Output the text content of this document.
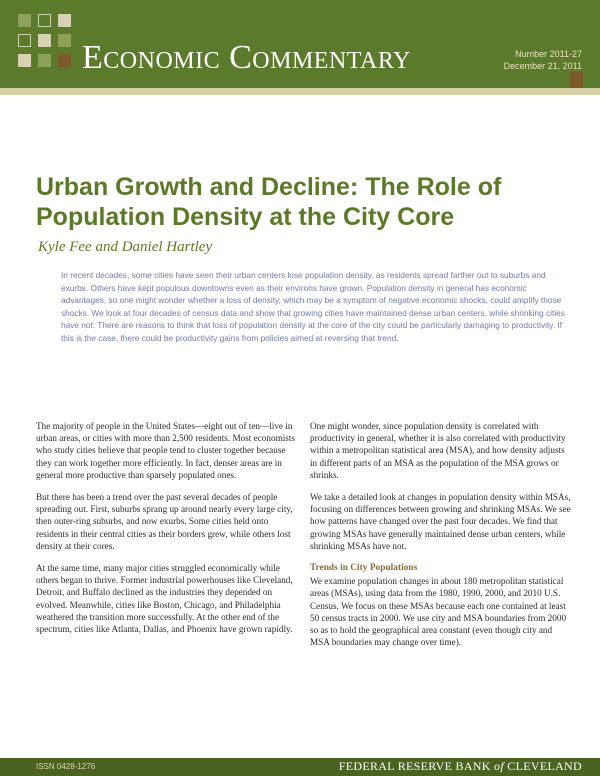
Economic Commentary	Number 2011-27
December 21, 2011
Urban Growth and Decline: The Role of Population Density at the City Core
Kyle Fee and Daniel Hartley

In recent decades, some cities have seen their urban centers lose population density, as residents spread farther out to suburbs and exurbs. Others have kept populous downtowns even as their environs have grown. Population density in general has economic advantages, so one might wonder whether a loss of density, which may be a symptom of negative economic shocks, could amplify those shocks. We look at four decades of census data and show that growing cities have maintained dense urban centers, while shrinking cities have not. There are reasons to think that loss of population density at the core of the city could be particularly damaging to productivity. If this is the case, there could be productivity gains from policies aimed at reversing that trend.

The majority of people in the United States—eight out of ten—live in urban areas, or cities with more than 2,500 residents. Most economists who study cities believe that people tend to cluster together because they can work together more efficiently. In fact, denser areas are in general more productive than sparsely populated ones.

But there has been a trend over the past several decades of people spreading out. First, suburbs sprang up around nearly every large city, then outer-ring suburbs, and now exurbs. Some cities held onto residents in their central cities as their borders grew, while others lost density at their cores.

At the same time, many major cities struggled economically while others began to thrive. Former industrial powerhouses like Cleveland, Detroit, and Buffalo declined as the industries they depended on evolved. Meanwhile, cities like Boston, Chicago, and Philadelphia weathered the transition more successfully. At the other end of the spectrum, cities like Atlanta, Dallas, and Phoenix have grown rapidly.

One might wonder, since population density is correlated with productivity in general, whether it is also correlated with productivity within a metropolitan statistical area (MSA), and how density adjusts in different parts of an MSA as the population of the MSA grows or shrinks.

We take a detailed look at changes in population density within MSAs, focusing on differences between growing and shrinking MSAs. We see how patterns have changed over the past four decades. We find that growing MSAs have generally maintained dense urban centers, while shrinking MSAs have not.

Trends in City Populations

We examine population changes in about 180 metropolitan statistical areas (MSAs), using data from the 1980, 1990, 2000, and 2010 U.S. Census. We focus on these MSAs because each one contained at least 50 census tracts in 2000. We use city and MSA boundaries from 2000 so as to hold the geographical area constant (even though city and MSA boundaries may change over time).

ISSN 0428-1276	FEDERAL RESERVE BANK of CLEVELAND
